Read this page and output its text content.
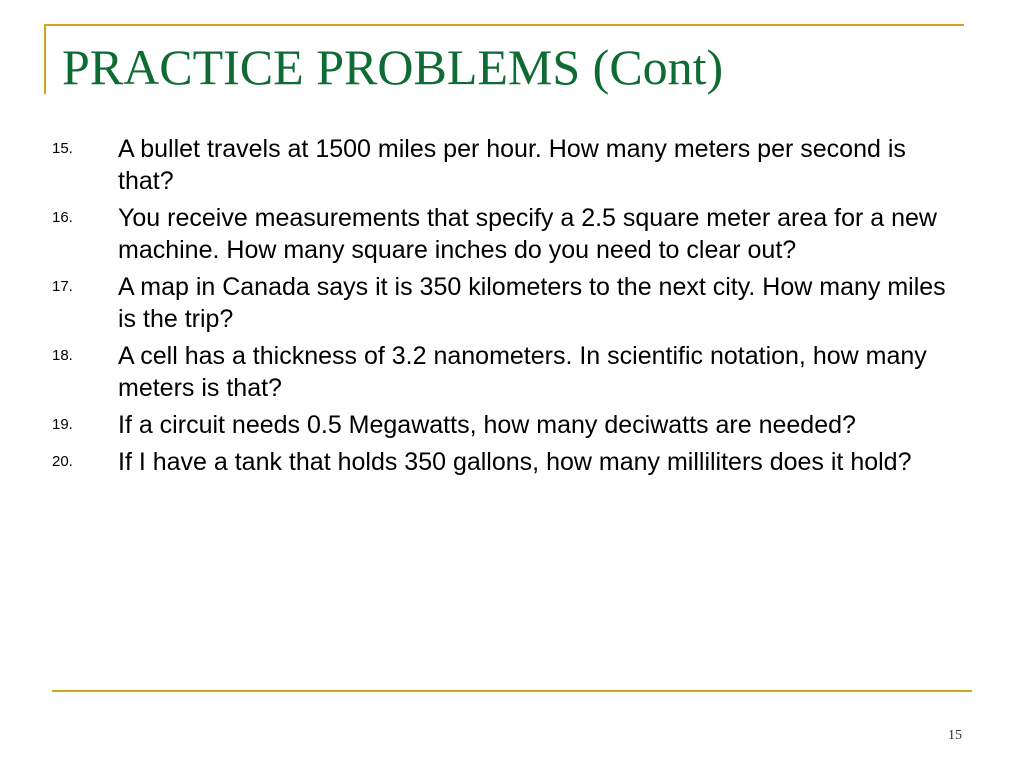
PRACTICE PROBLEMS (Cont)
15.	A bullet travels at 1500 miles per hour. How many meters per second is that?
16.	You receive measurements that specify a 2.5 square meter area for a new machine. How many square inches do you need to clear out?
17.	A map in Canada says it is 350 kilometers to the next city. How many miles is the trip?
18.	A cell has a thickness of 3.2 nanometers. In scientific notation, how many meters is that?
19.	If a circuit needs 0.5 Megawatts, how many deciwatts are needed?
20.	If I have a tank that holds 350 gallons, how many milliliters does it hold?
15
